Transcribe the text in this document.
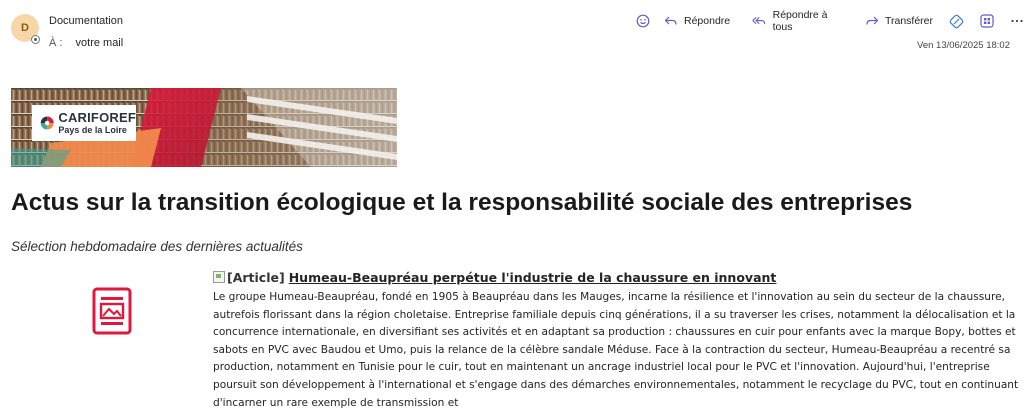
D
Documentation
À : votre mail
Répondre	Répondre à tous	Transférer
Ven 13/06/2025 18:02
CARIFOREF
Pays de la Loire
Actus sur la transition écologique et la responsabilité sociale des entreprises
Sélection hebdomadaire des dernières actualités
[Article] Humeau-Beaupréau perpétue l'industrie de la chaussure en innovant

Le groupe Humeau-Beaupréau, fondé en 1905 à Beaupréau dans les Mauges, incarne la résilience et l'innovation au sein du secteur de la chaussure, autrefois florissant dans la région choletaise. Entreprise familiale depuis cinq générations, il a su traverser les crises, notamment la délocalisation et la concurrence internationale, en diversifiant ses activités et en adaptant sa production : chaussures en cuir pour enfants avec la marque Bopy, bottes et sabots en PVC avec Baudou et Umo, puis la relance de la célèbre sandale Méduse. Face à la contraction du secteur, Humeau-Beaupréau a recentré sa production, notamment en Tunisie pour le cuir, tout en maintenant un ancrage industriel local pour le PVC et l'innovation. Aujourd'hui, l'entreprise poursuit son développement à l'international et s'engage dans des démarches environnementales, notamment le recyclage du PVC, tout en continuant d'incarner un rare exemple de transmission et
